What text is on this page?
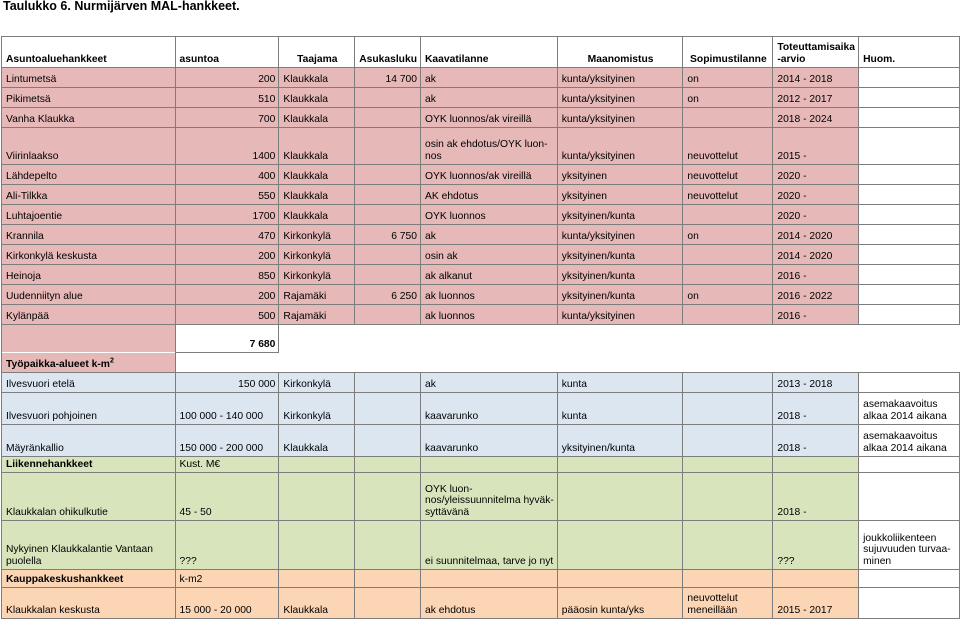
Taulukko 6. Nurmijärven MAL-hankkeet.
Asuntoaluehankkeet	asuntoa	Taajama	Asukasluku	Kaavatilanne	Maanomistus	Sopimustilanne	Toteuttamisaika-arvio	Huom.
Lintumetsä	200	Klaukkala	14 700	ak	kunta/yksityinen	on	2014 - 2018	
Pikimetsä	510	Klaukkala		ak	kunta/yksityinen	on	2012 - 2017	
Vanha Klaukka	700	Klaukkala		OYK luonnos/ak vireillä	kunta/yksityinen		2018 - 2024	
Viirinlaakso	1400	Klaukkala		osin ak ehdotus/OYK luon-nos	kunta/yksityinen	neuvottelut	2015 -	
Lähdepelto	400	Klaukkala		OYK luonnos/ak vireillä	yksityinen	neuvottelut	2020 -	
Ali-Tilkka	550	Klaukkala		AK ehdotus	yksityinen	neuvottelut	2020 -	
Luhtajoentie	1700	Klaukkala		OYK luonnos	yksityinen/kunta		2020 -	
Krannila	470	Kirkonkylä	6 750	ak	kunta/yksityinen	on	2014 - 2020	
Kirkonkylä keskusta	200	Kirkonkylä		osin ak	yksityinen/kunta		2014 - 2020	
Heinoja	850	Kirkonkylä		ak alkanut	yksityinen/kunta		2016 -	
Uudenniityn alue	200	Rajamäki	6 250	ak luonnos	yksityinen/kunta	on	2016 - 2022	
Kylänpää	500	Rajamäki		ak luonnos	kunta/yksityinen		2016 -	
	7 680							
Työpaikka-alueet $k-m^2$	
Ilvesvuori etelä	150 000	Kirkonkylä		ak	kunta		2013 - 2018	
Ilvesvuori pohjoinen	100 000 - 140 000	Kirkonkylä		kaavarunko	kunta		2018 -	asemakaavoitus alkaa 2014 aikana
Mäyränkallio	150 000 - 200 000	Klaukkala		kaavarunko	yksityinen/kunta		2018 -	asemakaavoitus alkaa 2014 aikana
Liikennehankkeet	Kust. M€							
Klaukkalan ohikulkutie	45 - 50			OYK luon-nos/yleissuunnitelma hyväk-syttävänä			2018 -	
Nykyinen Klaukkalantie Vantaan puolella	???			ei suunnitelmaa, tarve jo nyt			???	joukkoliikenteen sujuvuuden turvaa-minen
Kauppakeskushankkeet	k-m2							
Klaukkalan keskusta	15 000 - 20 000	Klaukkala		ak ehdotus	pääosin kunta/yks	neuvottelut meneillään	2015 - 2017	
